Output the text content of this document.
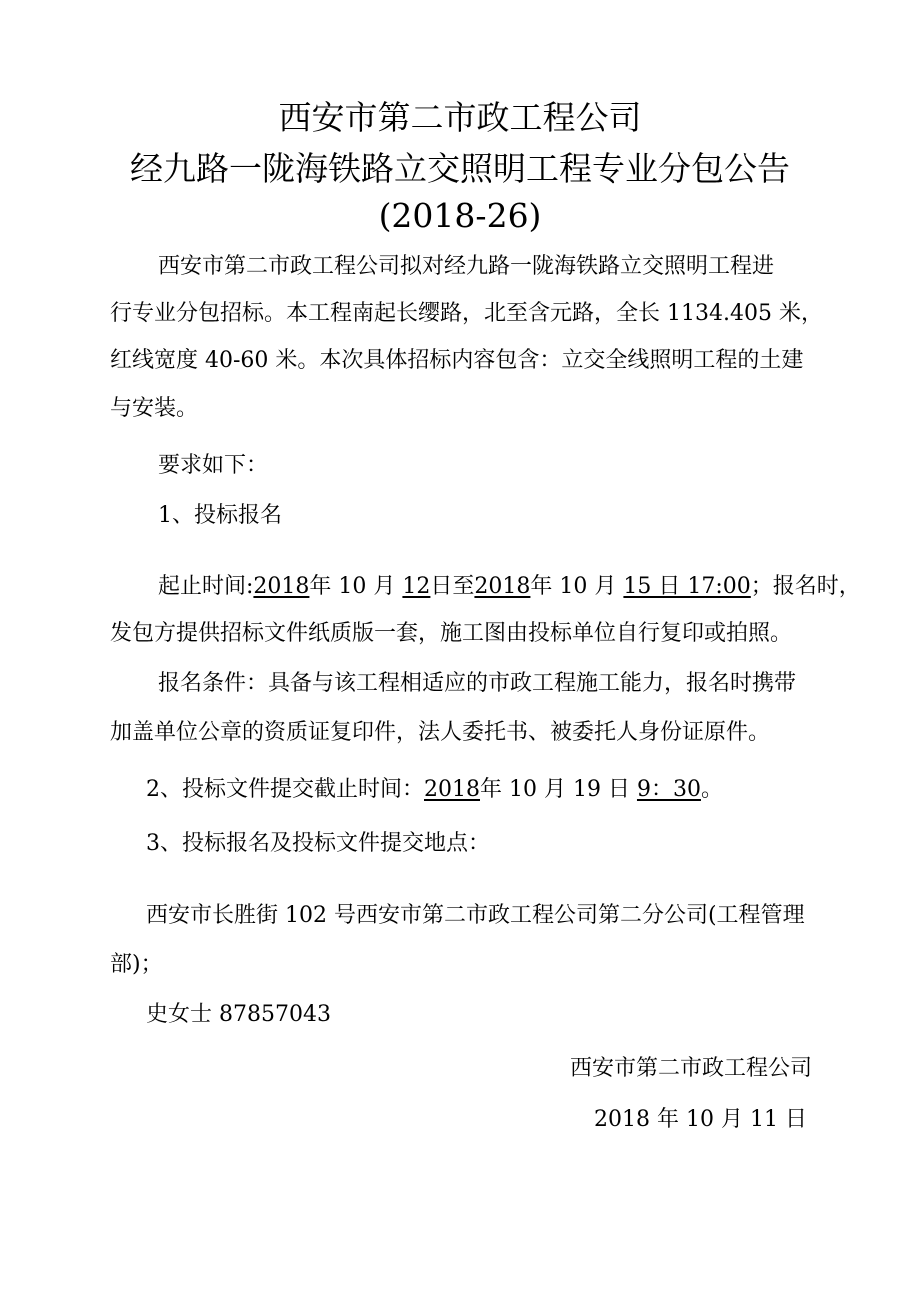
西安市第二市政工程公司
经九路一陇海铁路立交照明工程专业分包公告
(2018-26)

西安市第二市政工程公司拟对经九路一陇海铁路立交照明工程进

行专业分包招标。本工程南起长缨路，北至含元路，全长 1134.405 米，

红线宽度 40-60 米。本次具体招标内容包含：立交全线照明工程的土建

与安装。

要求如下：

1、投标报名

起止时间:2018年 10 月 12日至2018年 10 月 15 日 17:00；报名时，

发包方提供招标文件纸质版一套，施工图由投标单位自行复印或拍照。

报名条件：具备与该工程相适应的市政工程施工能力，报名时携带

加盖单位公章的资质证复印件，法人委托书、被委托人身份证原件。

2、投标文件提交截止时间：2018年 10 月 19 日 9：30。

3、投标报名及投标文件提交地点：

西安市长胜街 102 号西安市第二市政工程公司第二分公司(工程管理

部)；

史女士 87857043

西安市第二市政工程公司
2018 年 10 月 11 日
